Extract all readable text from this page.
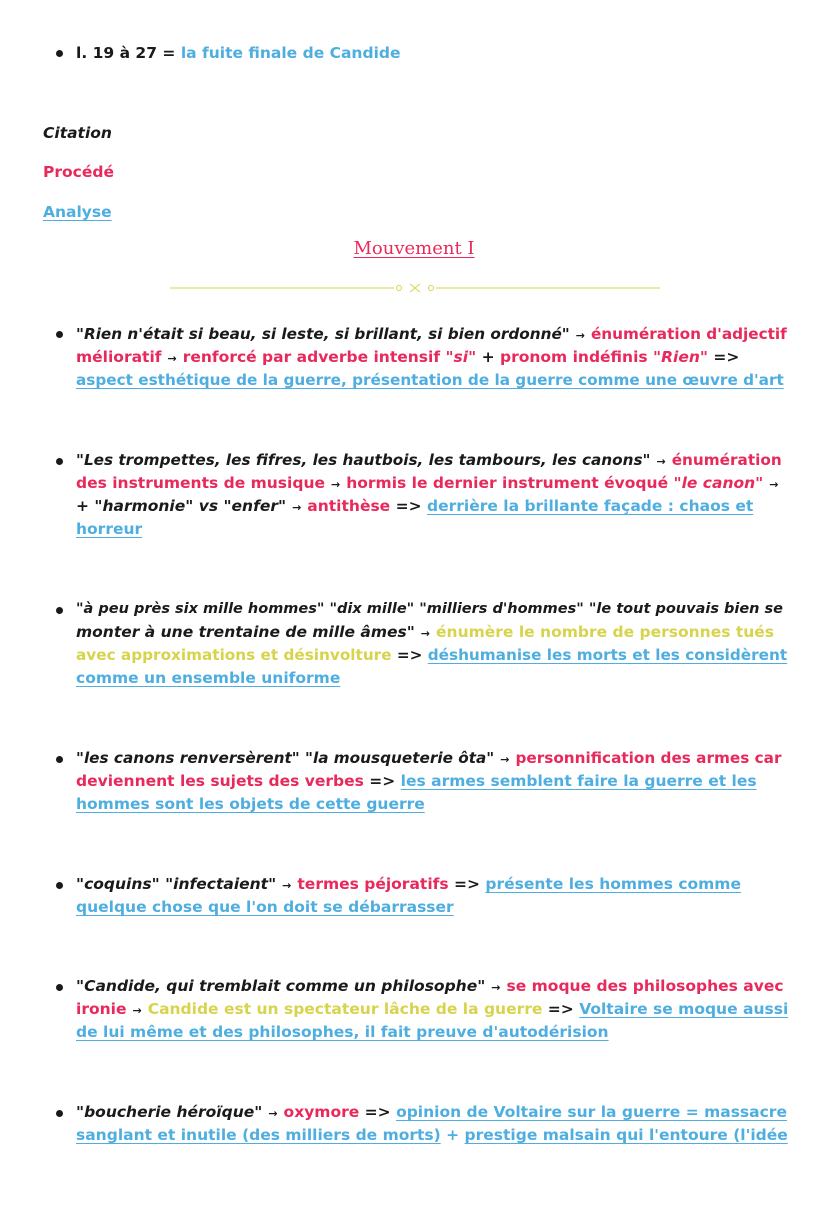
l. 19 à 27 = la fuite finale de Candide
Citation
Procédé
Analyse
Mouvement I
"Rien n'était si beau, si leste, si brillant, si bien ordonné" → énumération d'adjectif
mélioratif → renforcé par adverbe intensif "si" + pronom indéfinis "Rien" =>
aspect esthétique de la guerre, présentation de la guerre comme une œuvre d'art
"Les trompettes, les fifres, les hautbois, les tambours, les canons" → énumération
des instruments de musique → hormis le dernier instrument évoqué "le canon" →
+ "harmonie" vs "enfer" → antithèse => derrière la brillante façade : chaos et
horreur
"à peu près six mille hommes" "dix mille" "milliers d'hommes" "le tout pouvais bien se
monter à une trentaine de mille âmes" → énumère le nombre de personnes tués
avec approximations et désinvolture => déshumanise les morts et les considèrent
comme un ensemble uniforme
"les canons renversèrent" "la mousqueterie ôta" → personnification des armes car
deviennent les sujets des verbes => les armes semblent faire la guerre et les
hommes sont les objets de cette guerre
"coquins" "infectaient" → termes péjoratifs => présente les hommes comme
quelque chose que l'on doit se débarrasser
"Candide, qui tremblait comme un philosophe" → se moque des philosophes avec
ironie → Candide est un spectateur lâche de la guerre => Voltaire se moque aussi
de lui même et des philosophes, il fait preuve d'autodérision
"boucherie héroïque" → oxymore => opinion de Voltaire sur la guerre = massacre
sanglant et inutile (des milliers de morts) + prestige malsain qui l'entoure (l'idée
